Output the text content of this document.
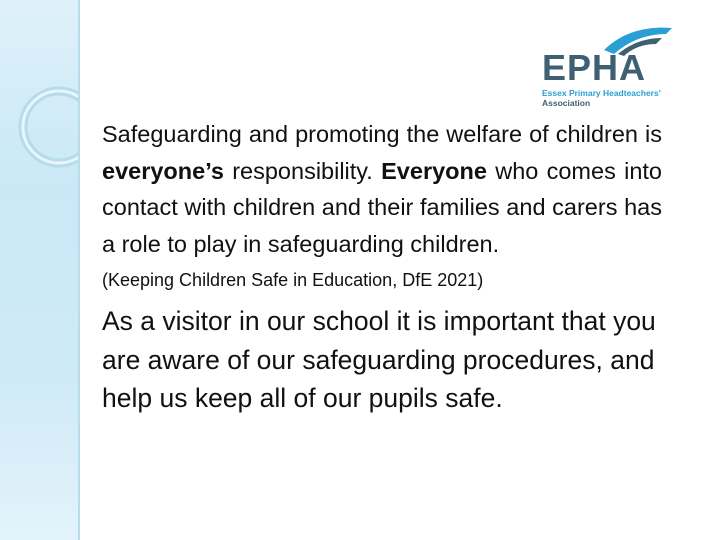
EPHA
Essex Primary Headteachers'
Association

Safeguarding and promoting the welfare of children is everyone’s responsibility. Everyone who comes into contact with children and their families and carers has a role to play in safeguarding children.

(Keeping Children Safe in Education, DfE 2021)

As a visitor in our school it is important that you are aware of our safeguarding procedures, and help us keep all of our pupils safe.
